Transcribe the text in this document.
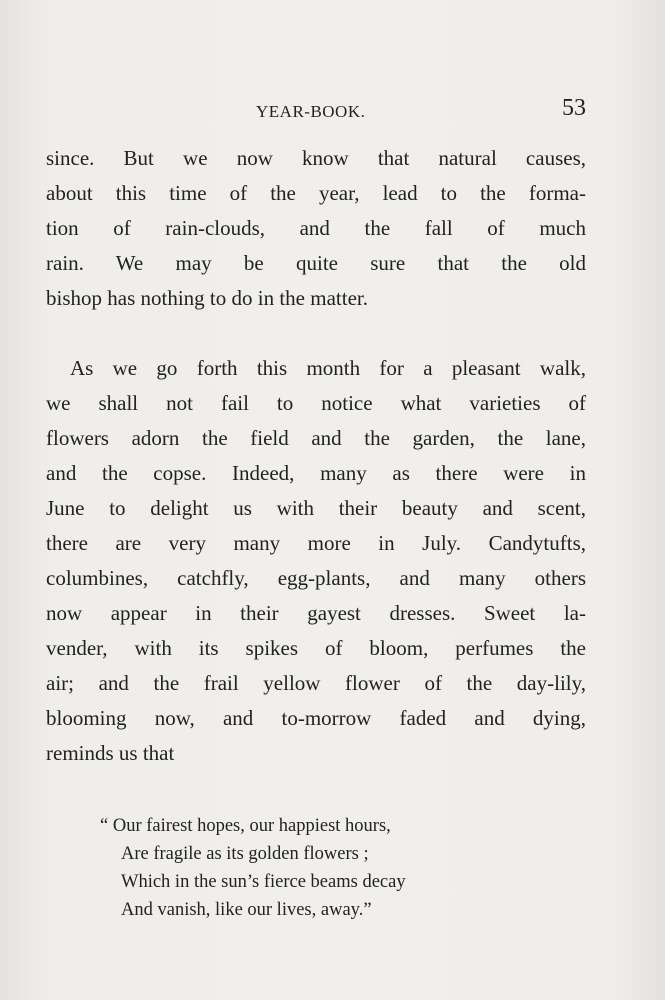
YEAR-BOOK.	53
since. But we now know that natural causes,
about this time of the year, lead to the forma-
tion of rain-clouds, and the fall of much
rain. We may be quite sure that the old
bishop has nothing to do in the matter.
As we go forth this month for a pleasant walk,
we shall not fail to notice what varieties of
flowers adorn the field and the garden, the lane,
and the copse. Indeed, many as there were in
June to delight us with their beauty and scent,
there are very many more in July. Candytufts,
columbines, catchfly, egg-plants, and many others
now appear in their gayest dresses. Sweet la-
vender, with its spikes of bloom, perfumes the
air; and the frail yellow flower of the day-lily,
blooming now, and to-morrow faded and dying,
reminds us that
“ Our fairest hopes, our happiest hours,
Are fragile as its golden flowers ;
Which in the sun’s fierce beams decay
And vanish, like our lives, away.”
